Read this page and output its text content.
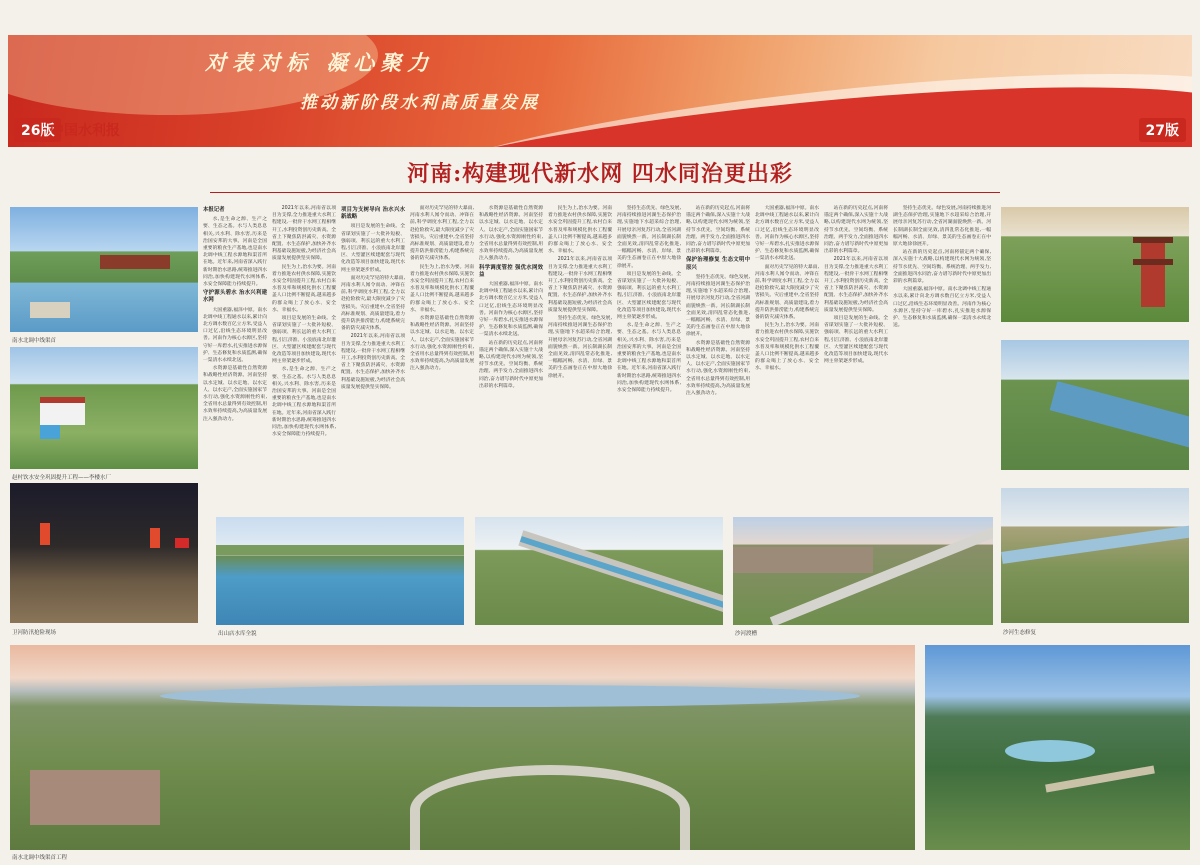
对表对标 凝心聚力
推动新阶段水利高质量发展
26版
中国水利报	27版
河南:构建现代新水网 四水同治更出彩
南水北调中线渠首
赵村饮水安全巩固提升工程——李楼水厂
卫河防汛抢险现场
本报记者

水,是生命之源、生产之要、生态之基。水与人类息息相关,兴水利、除水害,历来是治国安邦的大事。河南是全国重要的粮食生产基地,也是南水北调中线工程水源地和渠首所在地。近年来,河南省深入践行新时期治水思路,统筹推进四水同治,加快构建现代水网体系,水安全保障能力持续提升。

守护源头碧水 治水兴利建水网

大国重器,福泽中原。南水北调中线工程通水以来,累计向北方调水数百亿立方米,受益人口过亿,沿线生态环境明显改善。河南作为核心水源区,坚持守好一库碧水,扎实推进水源保护、生态修复和水质监测,确保一渠清水永续北送。

水资源是基础性自然资源和战略性经济资源。河南坚持以水定城、以水定地、以水定人、以水定产,全面实施国家节水行动,强化水资源刚性约束,全省用水总量得到有效控制,用水效率持续提高,为高质量发展注入强劲动力。

2021年以来,河南省以项目为支撑,全力推进重大水利工程建设,一批骨干水网工程相继开工,水利投资创历史新高。全省上下聚焦防洪减灾、水资源配置、水生态保护,加快补齐水利基础设施短板,为经济社会高质量发展提供坚实保障。

民生为上,治水为要。河南着力推进农村供水保障,实施饮水安全巩固提升工程,农村自来水普及率和规模化供水工程覆盖人口比例不断提高,越来越多的群众喝上了放心水、安全水、幸福水。

项目是发展的生命线。全省谋划实施了一大批补短板、强弱项、利长远的重大水利工程,引江济淮、小浪底南北岸灌区、大型灌区续建配套与现代化改造等项目加快建设,现代水网主骨架逐步形成。

水,是生命之源、生产之要、生态之基。水与人类息息相关,兴水利、除水害,历来是治国安邦的大事。河南是全国重要的粮食生产基地,也是南水北调中线工程水源地和渠首所在地。近年来,河南省深入践行新时期治水思路,统筹推进四水同治,加快构建现代水网体系,水安全保障能力持续提升。

项目为支树导向 治水兴水新战略

项目是发展的生命线。全省谋划实施了一大批补短板、强弱项、利长远的重大水利工程,引江济淮、小浪底南北岸灌区、大型灌区续建配套与现代化改造等项目加快建设,现代水网主骨架逐步形成。

面对历史罕见的特大暴雨,河南水利人闻令而动、冲锋在前,科学调度水利工程,全力以赴抢险救灾,最大限度减少了灾害损失。灾后重建中,全省坚持高标准规划、高质量建设,着力提升防洪排涝能力,构建系统完备的防灾减灾体系。

2021年以来,河南省以项目为支撑,全力推进重大水利工程建设,一批骨干水网工程相继开工,水利投资创历史新高。全省上下聚焦防洪减灾、水资源配置、水生态保护,加快补齐水利基础设施短板,为经济社会高质量发展提供坚实保障。

面对历史罕见的特大暴雨,河南水利人闻令而动、冲锋在前,科学调度水利工程,全力以赴抢险救灾,最大限度减少了灾害损失。灾后重建中,全省坚持高标准规划、高质量建设,着力提升防洪排涝能力,构建系统完备的防灾减灾体系。

民生为上,治水为要。河南着力推进农村供水保障,实施饮水安全巩固提升工程,农村自来水普及率和规模化供水工程覆盖人口比例不断提高,越来越多的群众喝上了放心水、安全水、幸福水。

水资源是基础性自然资源和战略性经济资源。河南坚持以水定城、以水定地、以水定人、以水定产,全面实施国家节水行动,强化水资源刚性约束,全省用水总量得到有效控制,用水效率持续提高,为高质量发展注入强劲动力。

水资源是基础性自然资源和战略性经济资源。河南坚持以水定城、以水定地、以水定人、以水定产,全面实施国家节水行动,强化水资源刚性约束,全省用水总量得到有效控制,用水效率持续提高,为高质量发展注入强劲动力。

科学调度管控 强优水网效益

大国重器,福泽中原。南水北调中线工程通水以来,累计向北方调水数百亿立方米,受益人口过亿,沿线生态环境明显改善。河南作为核心水源区,坚持守好一库碧水,扎实推进水源保护、生态修复和水质监测,确保一渠清水永续北送。

站在新的历史起点,河南将锚定两个确保,深入实施十大战略,以构建现代水网为统领,坚持节水优先、空间均衡、系统治理、两手发力,全面推进四水同治,奋力谱写新时代中原更加出彩的水利篇章。

民生为上,治水为要。河南着力推进农村供水保障,实施饮水安全巩固提升工程,农村自来水普及率和规模化供水工程覆盖人口比例不断提高,越来越多的群众喝上了放心水、安全水、幸福水。

2021年以来,河南省以项目为支撑,全力推进重大水利工程建设,一批骨干水网工程相继开工,水利投资创历史新高。全省上下聚焦防洪减灾、水资源配置、水生态保护,加快补齐水利基础设施短板,为经济社会高质量发展提供坚实保障。

坚持生态优先、绿色发展,河南持续推进河湖生态保护治理,实施地下水超采综合治理,开展母亲河复苏行动,全省河湖面貌焕然一新。河长制湖长制全面见效,清四乱常态化推进,一幅幅河畅、水清、岸绿、景美的生态画卷正在中原大地徐徐展开。

坚持生态优先、绿色发展,河南持续推进河湖生态保护治理,实施地下水超采综合治理,开展母亲河复苏行动,全省河湖面貌焕然一新。河长制湖长制全面见效,清四乱常态化推进,一幅幅河畅、水清、岸绿、景美的生态画卷正在中原大地徐徐展开。

项目是发展的生命线。全省谋划实施了一大批补短板、强弱项、利长远的重大水利工程,引江济淮、小浪底南北岸灌区、大型灌区续建配套与现代化改造等项目加快建设,现代水网主骨架逐步形成。

水,是生命之源、生产之要、生态之基。水与人类息息相关,兴水利、除水害,历来是治国安邦的大事。河南是全国重要的粮食生产基地,也是南水北调中线工程水源地和渠首所在地。近年来,河南省深入践行新时期治水思路,统筹推进四水同治,加快构建现代水网体系,水安全保障能力持续提升。

站在新的历史起点,河南将锚定两个确保,深入实施十大战略,以构建现代水网为统领,坚持节水优先、空间均衡、系统治理、两手发力,全面推进四水同治,奋力谱写新时代中原更加出彩的水利篇章。

保护治理修复 生态文明中原兴

坚持生态优先、绿色发展,河南持续推进河湖生态保护治理,实施地下水超采综合治理,开展母亲河复苏行动,全省河湖面貌焕然一新。河长制湖长制全面见效,清四乱常态化推进,一幅幅河畅、水清、岸绿、景美的生态画卷正在中原大地徐徐展开。

水资源是基础性自然资源和战略性经济资源。河南坚持以水定城、以水定地、以水定人、以水定产,全面实施国家节水行动,强化水资源刚性约束,全省用水总量得到有效控制,用水效率持续提高,为高质量发展注入强劲动力。

大国重器,福泽中原。南水北调中线工程通水以来,累计向北方调水数百亿立方米,受益人口过亿,沿线生态环境明显改善。河南作为核心水源区,坚持守好一库碧水,扎实推进水源保护、生态修复和水质监测,确保一渠清水永续北送。

面对历史罕见的特大暴雨,河南水利人闻令而动、冲锋在前,科学调度水利工程,全力以赴抢险救灾,最大限度减少了灾害损失。灾后重建中,全省坚持高标准规划、高质量建设,着力提升防洪排涝能力,构建系统完备的防灾减灾体系。

民生为上,治水为要。河南着力推进农村供水保障,实施饮水安全巩固提升工程,农村自来水普及率和规模化供水工程覆盖人口比例不断提高,越来越多的群众喝上了放心水、安全水、幸福水。

站在新的历史起点,河南将锚定两个确保,深入实施十大战略,以构建现代水网为统领,坚持节水优先、空间均衡、系统治理、两手发力,全面推进四水同治,奋力谱写新时代中原更加出彩的水利篇章。

2021年以来,河南省以项目为支撑,全力推进重大水利工程建设,一批骨干水网工程相继开工,水利投资创历史新高。全省上下聚焦防洪减灾、水资源配置、水生态保护,加快补齐水利基础设施短板,为经济社会高质量发展提供坚实保障。

项目是发展的生命线。全省谋划实施了一大批补短板、强弱项、利长远的重大水利工程,引江济淮、小浪底南北岸灌区、大型灌区续建配套与现代化改造等项目加快建设,现代水网主骨架逐步形成。

坚持生态优先、绿色发展,河南持续推进河湖生态保护治理,实施地下水超采综合治理,开展母亲河复苏行动,全省河湖面貌焕然一新。河长制湖长制全面见效,清四乱常态化推进,一幅幅河畅、水清、岸绿、景美的生态画卷正在中原大地徐徐展开。

站在新的历史起点,河南将锚定两个确保,深入实施十大战略,以构建现代水网为统领,坚持节水优先、空间均衡、系统治理、两手发力,全面推进四水同治,奋力谱写新时代中原更加出彩的水利篇章。

大国重器,福泽中原。南水北调中线工程通水以来,累计向北方调水数百亿立方米,受益人口过亿,沿线生态环境明显改善。河南作为核心水源区,坚持守好一库碧水,扎实推进水源保护、生态修复和水质监测,确保一渠清水永续北送。

出山店水库全貌	沙河渡槽	沙河生态修复
南水北调中线渠首工程
